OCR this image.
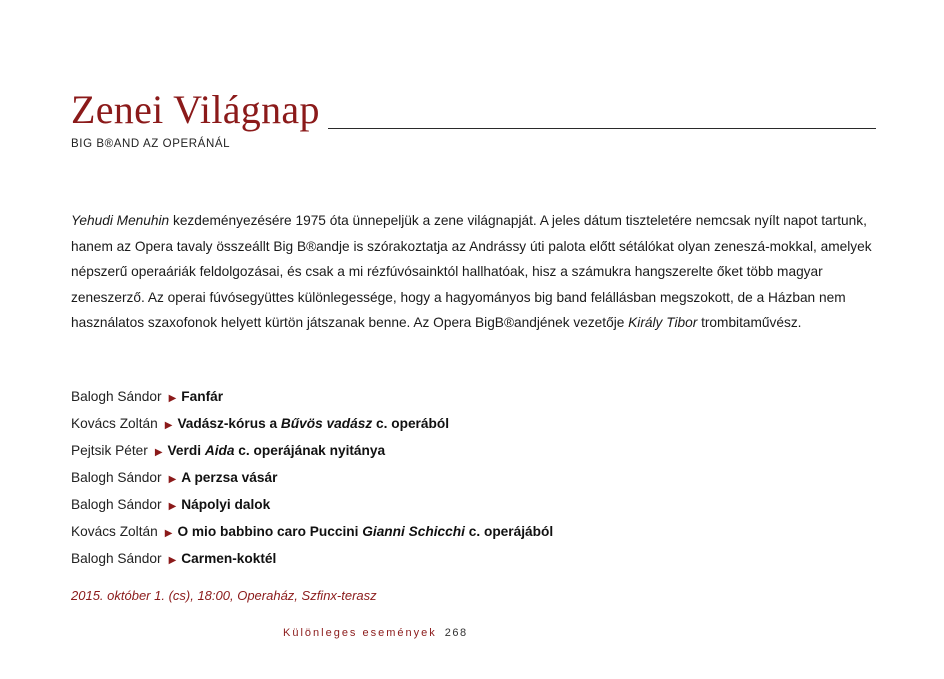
Zenei Világnap
BIG B®AND AZ OPERÁNÁL
Yehudi Menuhin kezdeményezésére 1975 óta ünnepeljük a zene világnapját. A jeles dátum tiszteletére nemcsak nyílt napot tartunk, hanem az Opera tavaly összeállt Big B®andje is szórakoztatja az Andrássy úti palota előtt sétálókat olyan zeneszá-mokkal, amelyek népszerű operaáriák feldolgozásai, és csak a mi rézfúvósainktól hallhatóak, hisz a számukra hangszerelte őket több magyar zeneszerző. Az operai fúvósegyüttes különlegessége, hogy a hagyományos big band felállásban megszokott, de a Házban nem használatos szaxofonok helyett kürtön játszanak benne. Az Opera BigB®andjének vezetője Király Tibor trombitaművész.
Balogh Sándor ▶ Fanfár
Kovács Zoltán ▶ Vadász-kórus a Bűvös vadász c. operából
Pejtsik Péter ▶ Verdi Aida c. operájának nyitánya
Balogh Sándor ▶ A perzsa vásár
Balogh Sándor ▶ Nápolyi dalok
Kovács Zoltán ▶ O mio babbino caro Puccini Gianni Schicchi c. operájából
Balogh Sándor ▶ Carmen-koktél
2015. október 1. (cs), 18:00, Operaház, Szfinx-terasz
Különleges események 268
